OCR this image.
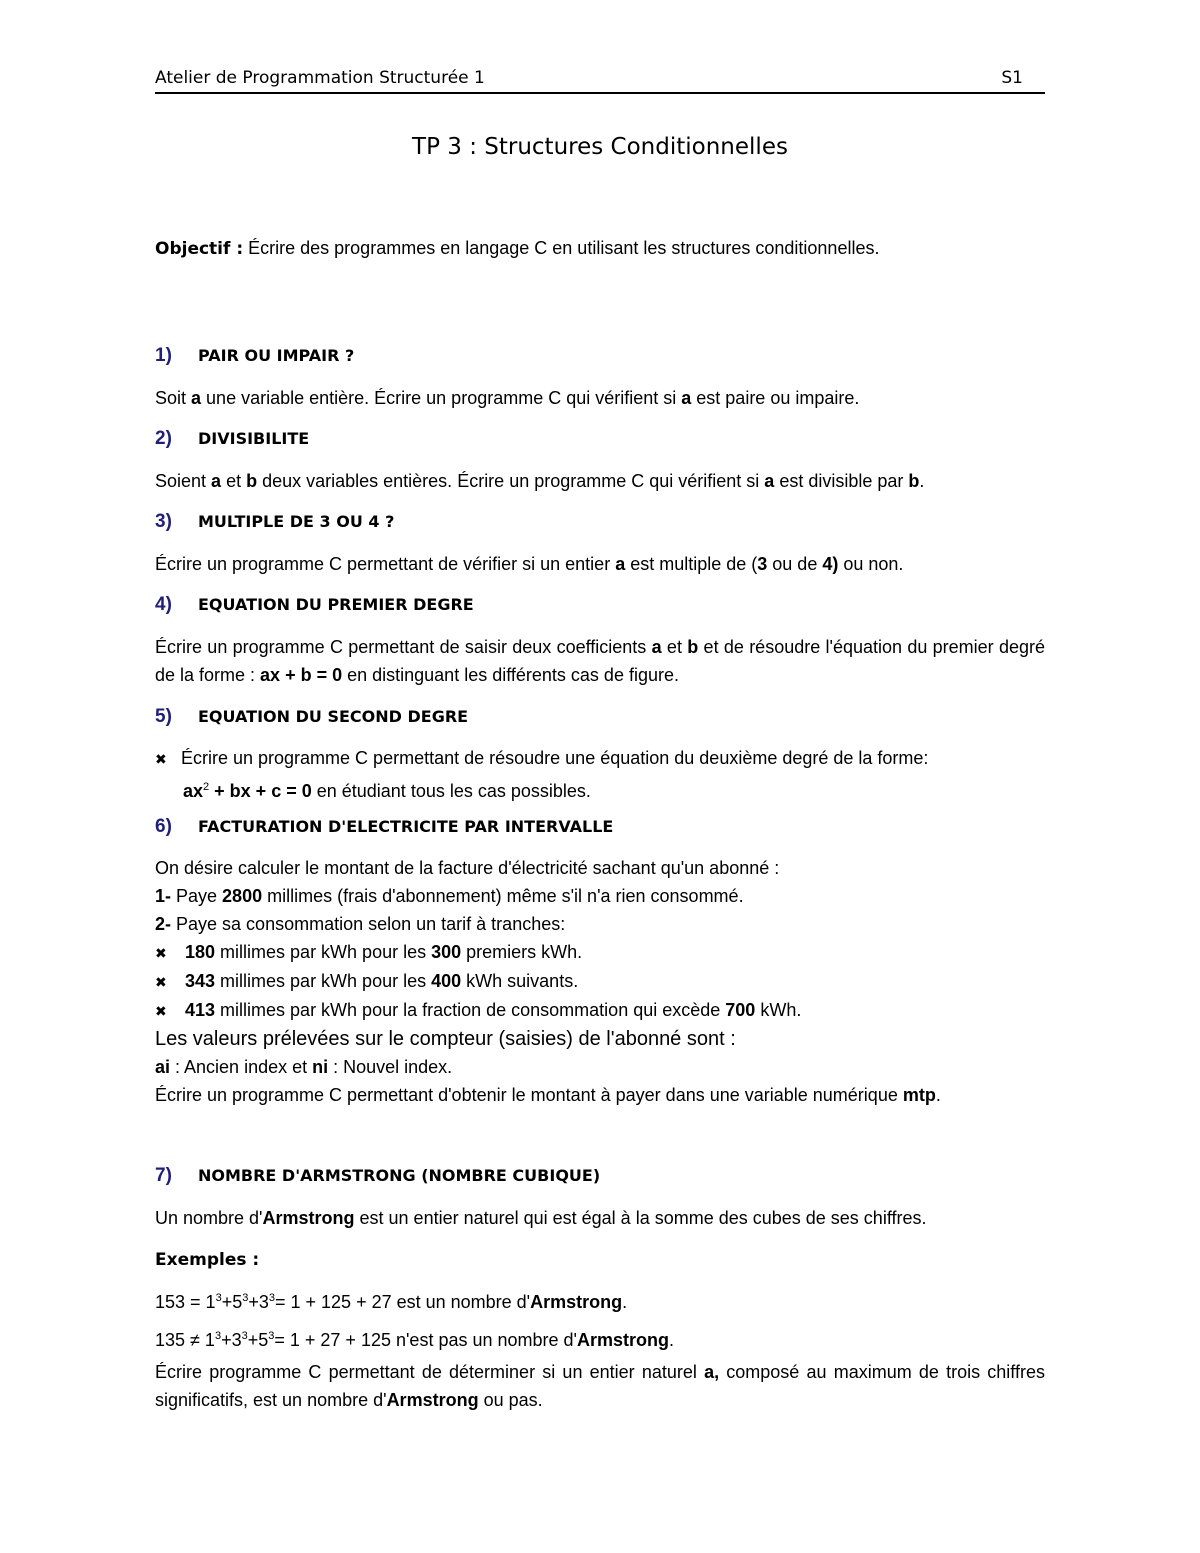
Atelier de Programmation Structurée 1	S1
TP 3 : Structures Conditionnelles
Objectif : Écrire des programmes en langage C en utilisant les structures conditionnelles.
1) PAIR OU IMPAIR ?
Soit a une variable entière. Écrire un programme C qui vérifient si a est paire ou impaire.
2) DIVISIBILITE
Soient a et b deux variables entières. Écrire un programme C qui vérifient si a est divisible par b.
3) MULTIPLE DE 3 OU 4 ?
Écrire un programme C permettant de vérifier si un entier a est multiple de (3 ou de 4) ou non.
4) EQUATION DU PREMIER DEGRE
Écrire un programme C permettant de saisir deux coefficients a et b et de résoudre l'équation du premier degré de la forme : ax + b = 0 en distinguant les différents cas de figure.
5) EQUATION DU SECOND DEGRE
✖ Écrire un programme C permettant de résoudre une équation du deuxième degré de la forme:
$ax^2$ + bx + c = 0 en étudiant tous les cas possibles.
6) FACTURATION D'ELECTRICITE PAR INTERVALLE
On désire calculer le montant de la facture d'électricité sachant qu'un abonné :
1- Paye 2800 millimes (frais d'abonnement) même s'il n'a rien consommé.
2- Paye sa consommation selon un tarif à tranches:
✖ 180 millimes par kWh pour les 300 premiers kWh.
✖ 343 millimes par kWh pour les 400 kWh suivants.
✖ 413 millimes par kWh pour la fraction de consommation qui excède 700 kWh.
Les valeurs prélevées sur le compteur (saisies) de l'abonné sont :
ai : Ancien index et ni : Nouvel index.
Écrire un programme C permettant d'obtenir le montant à payer dans une variable numérique mtp.
7) NOMBRE D'ARMSTRONG (NOMBRE CUBIQUE)
Un nombre d'Armstrong est un entier naturel qui est égal à la somme des cubes de ses chiffres.
Exemples :
$153 = 1^3+5^3+3^3= 1 + 125 + 27$ est un nombre d'Armstrong.
$135 \ne 1^3+3^3+5^3= 1 + 27 + 125$ n'est pas un nombre d'Armstrong.
Écrire programme C permettant de déterminer si un entier naturel a, composé au maximum de trois chiffres significatifs, est un nombre d'Armstrong ou pas.
